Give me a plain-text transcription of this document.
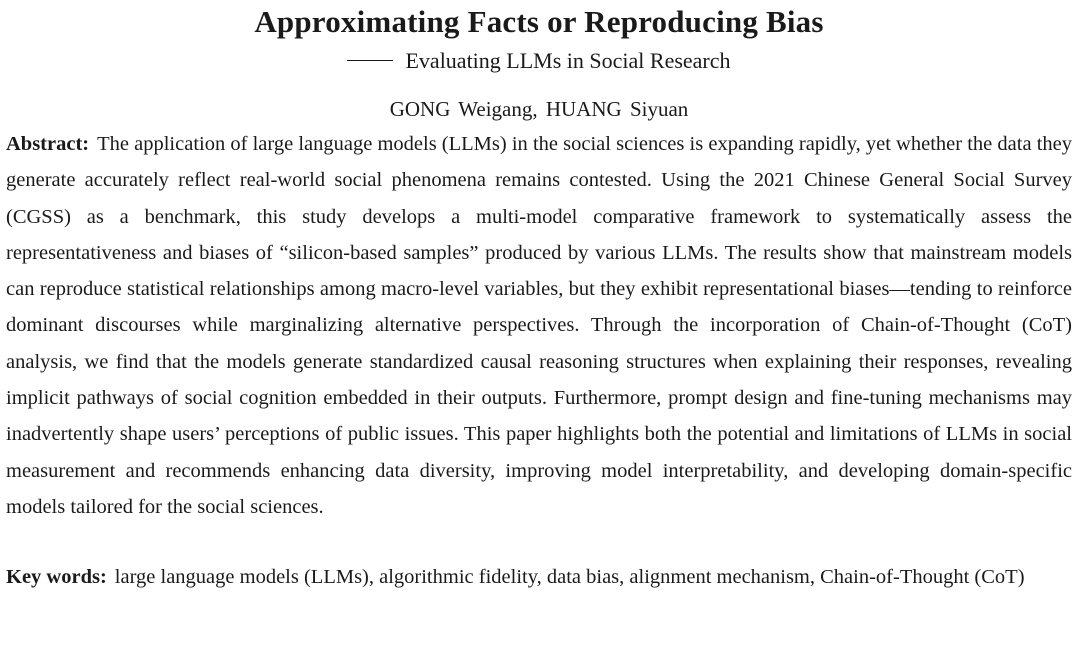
Approximating Facts or Reproducing Bias

Evaluating LLMs in Social Research

GONG Weigang, HUANG Siyuan

Abstract: The application of large language models (LLMs) in the social sciences is expanding rapidly, yet whether the data they generate accurately reflect real-world social phenomena remains contested. Using the 2021 Chinese General Social Survey (CGSS) as a benchmark, this study develops a multi-model comparative framework to systematically assess the representativeness and biases of “silicon-based samples” produced by various LLMs. The results show that mainstream models can reproduce statistical relationships among macro-level variables, but they exhibit representational biases—tending to reinforce dominant discourses while marginalizing alternative perspectives. Through the incorporation of Chain-of-Thought (CoT) analysis, we find that the models generate standardized causal reasoning structures when explaining their responses, revealing implicit pathways of social cognition embedded in their outputs. Furthermore, prompt design and fine-tuning mechanisms may inadvertently shape users’ perceptions of public issues. This paper highlights both the potential and limitations of LLMs in social measurement and recommends enhancing data diversity, improving model interpretability, and developing domain-specific models tailored for the social sciences.

Key words: large language models (LLMs), algorithmic fidelity, data bias, alignment mechanism, Chain-of-Thought (CoT)
